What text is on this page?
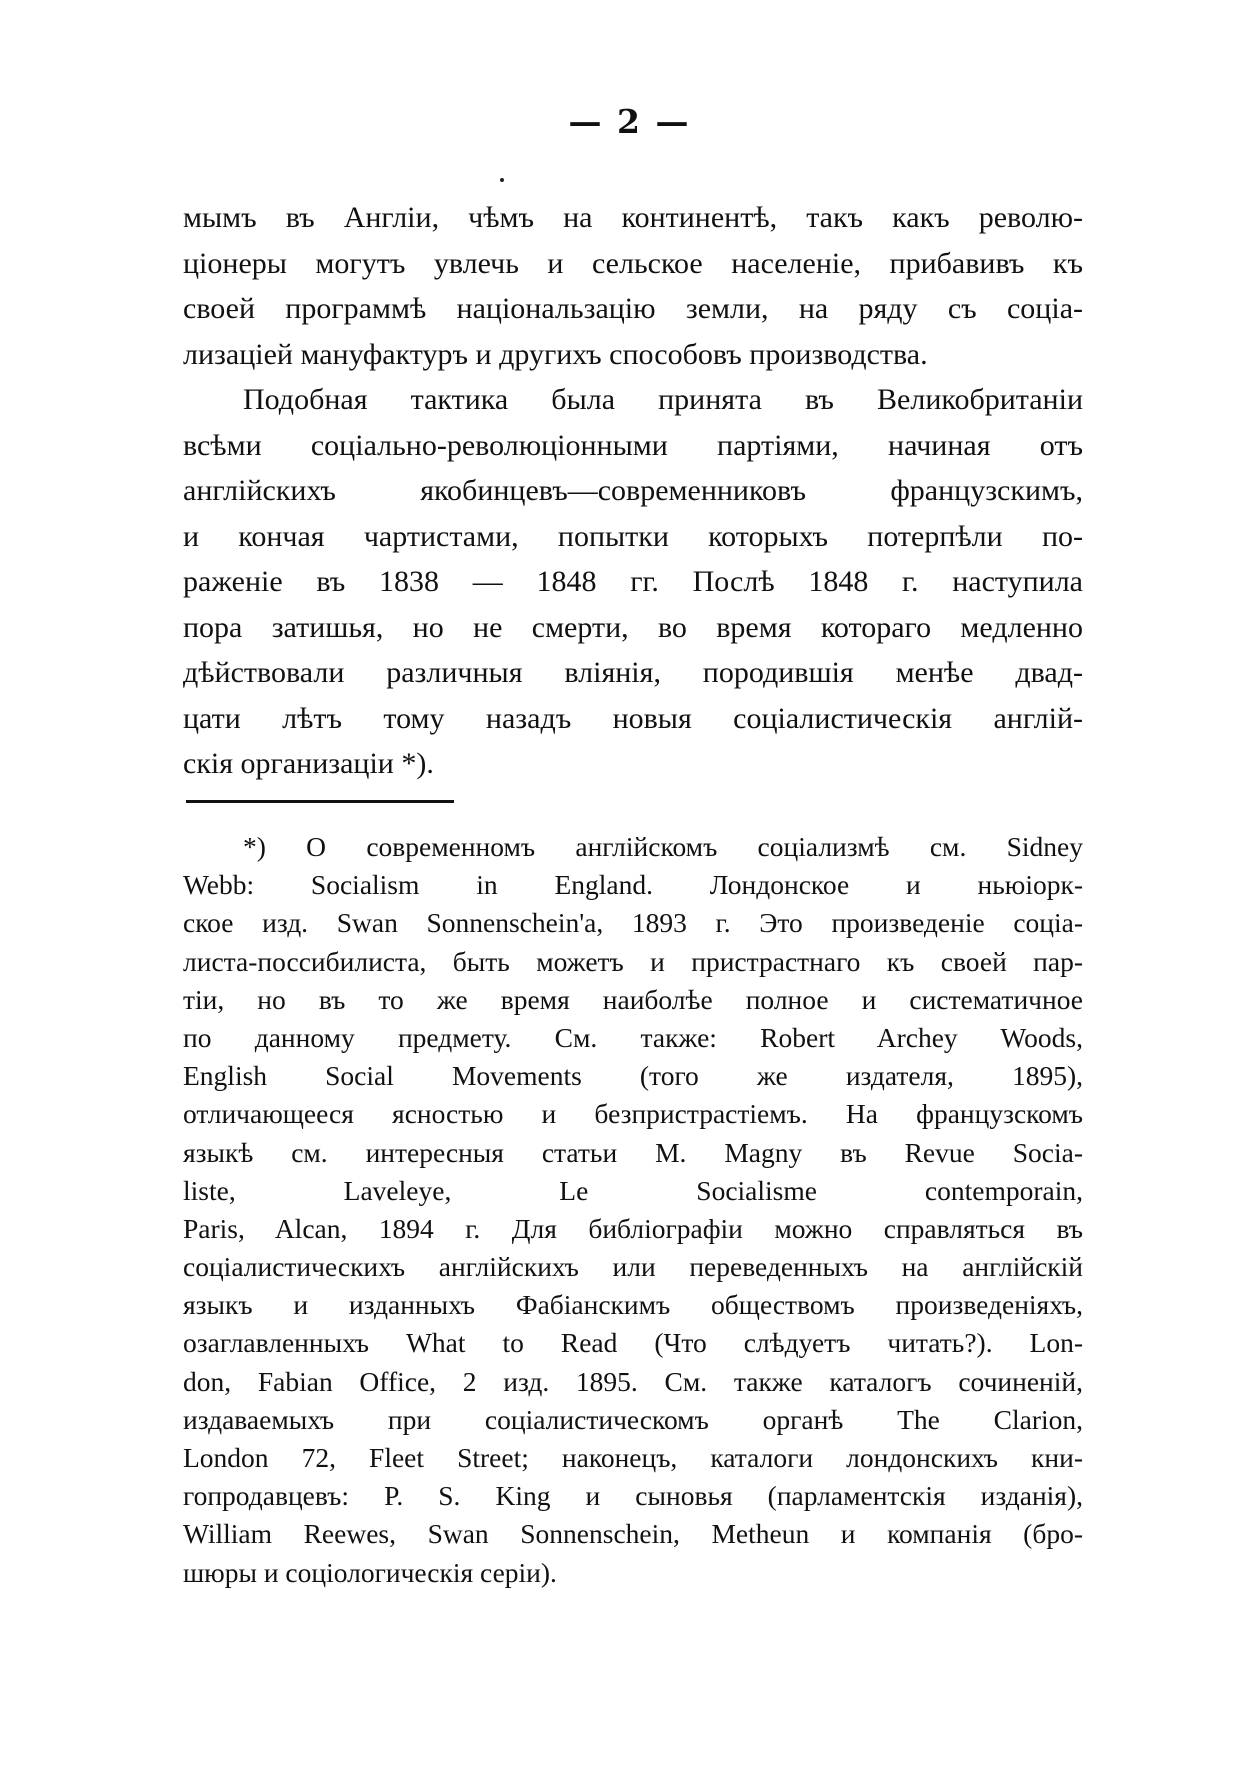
— 2 —
мымъ въ Англіи, чѣмъ на континентѣ, такъ какъ револю-
ціонеры могутъ увлечь и сельское населеніе, прибавивъ къ
своей программѣ національзацію земли, на ряду съ соціа-
лизаціей мануфактуръ и другихъ способовъ производства.
Подобная тактика была принята въ Великобританіи
всѣми соціально-революціонными партіями, начиная отъ
англійскихъ якобинцевъ—современниковъ французскимъ,
и кончая чартистами, попытки которыхъ потерпѣли по-
раженіе въ 1838 — 1848 гг. Послѣ 1848 г. наступила
пора затишья, но не смерти, во время котораго медленно
дѣйствовали различныя вліянія, породившія менѣе двад-
цати лѣтъ тому назадъ новыя соціалистическія англій-
скія организаціи *).
*) О современномъ англійскомъ соціализмѣ см. Sidney
Webb: Socialism in England. Лондонское и ньюіорк-
ское изд. Swan Sonnenschein'а, 1893 г. Это произведеніе соціа-
листа-поссибилиста, быть можетъ и пристрастнаго къ своей пар-
тіи, но въ то же время наиболѣе полное и систематичное
по данному предмету. См. также: Robert Archey Woods,
English Social Movements (того же издателя, 1895),
отличающееся ясностью и безпристрастіемъ. На французскомъ
языкѣ см. интересныя статьи M. Magny въ Revue Socia-
liste, Laveleye, Le Socialisme contemporain,
Paris, Alcan, 1894 г. Для библіографіи можно справляться въ
соціалистическихъ англійскихъ или переведенныхъ на англійскій
языкъ и изданныхъ Фабіанскимъ обществомъ произведеніяхъ,
озаглавленныхъ What to Read (Что слѣдуетъ читать?). Lon-
don, Fabian Office, 2 изд. 1895. См. также каталогъ сочиненій,
издаваемыхъ при соціалистическомъ органѣ The Clarion,
London 72, Fleet Street; наконецъ, каталоги лондонскихъ кни-
гопродавцевъ: P. S. King и сыновья (парламентскія изданія),
William Reewes, Swan Sonnenschein, Metheun и компанія (бро-
шюры и соціологическія серіи).
